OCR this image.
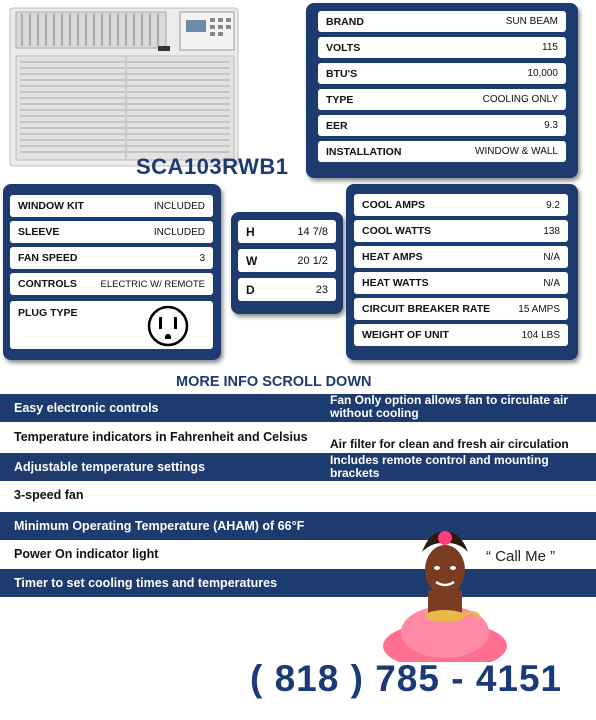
SCA103RWB1
BRAND	SUN BEAM
VOLTS	115
BTU'S	10,000
TYPE	COOLING ONLY
EER	9.3
INSTALLATION	WINDOW & WALL
WINDOW KIT	INCLUDED
SLEEVE	INCLUDED
FAN SPEED	3
CONTROLS ELECTRIC W/ REMOTE
PLUG TYPE
H	14 7/8
W	20 1/2
D	23
COOL AMPS	9.2
COOL WATTS	138
HEAT AMPS	N/A
HEAT WATTS	N/A
CIRCUIT BREAKER RATE	15 AMPS
WEIGHT OF UNIT	104 LBS
MORE INFO SCROLL DOWN
Easy electronic controls
Temperature indicators in Fahrenheit and Celsius
Adjustable temperature settings
3-speed fan
Minimum Operating Temperature (AHAM) of 66°F
Power On indicator light
Timer to set cooling times and temperatures
Fan Only option allows fan to circulate air without cooling
Air filter for clean and fresh air circulation
Includes remote control and mounting brackets
“ Call Me ”
( 818 ) 785 - 4151
